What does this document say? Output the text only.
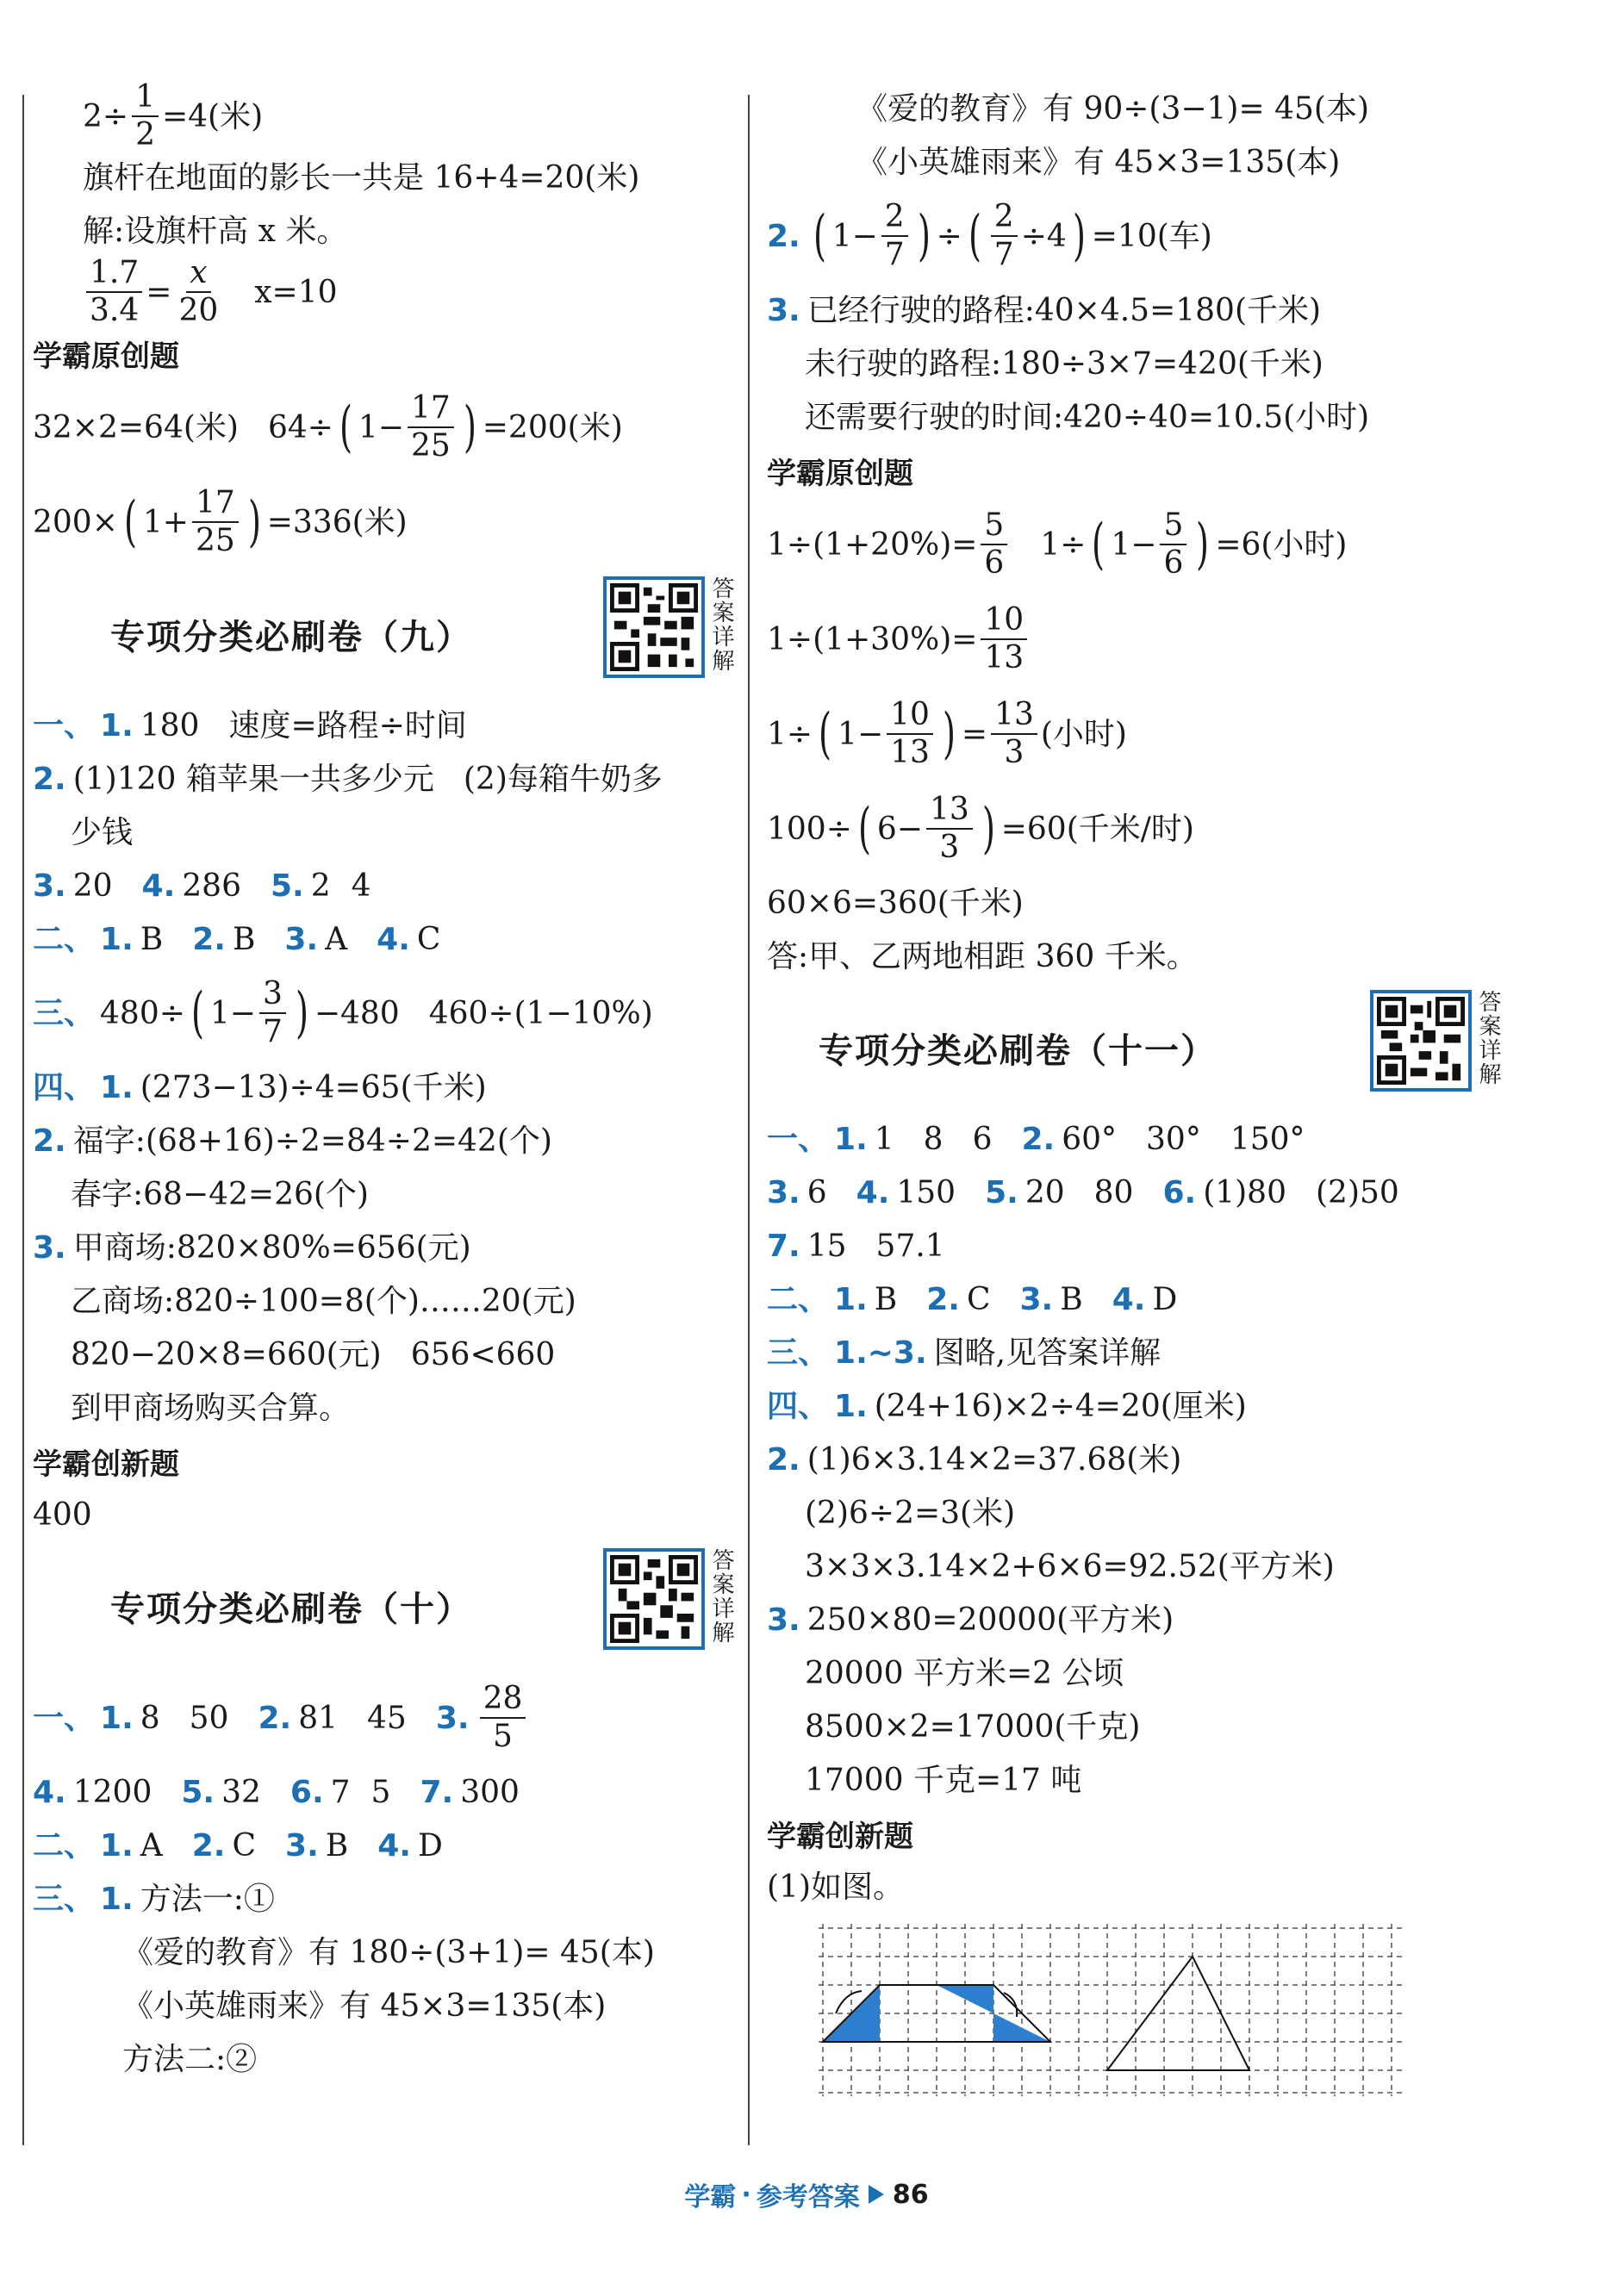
$2\div \frac{1}{2} =4$(米)
旗杆在地面的影长一共是 16+4=20(米)
解:设旗杆高 x 米。
$\frac{1.7}{3.4} = \frac{x}{20} x=10$
学霸原创题
32×2=64(米) 64÷ ( $1- \frac{17}{25}$ ) =200(米)
200× ( $1+ \frac{17}{25}$ ) =336(米)
专项分类必刷卷（九）	答案详解
一、 1. 180 速度=路程÷时间
2. (1)120 箱苹果一共多少元 (2)每箱牛奶多
少钱
3. 20 4. 286 5. 2 4
二、 1. B 2. B 3. A 4. C
三、 480÷ ( $1- \frac{3}{7}$ ) −480 460÷(1−10%)
四、 1. (273−13)÷4=65(千米)
2. 福字:(68+16)÷2=84÷2=42(个)
春字:68−42=26(个)
3. 甲商场:820×80%=656(元)
乙商场:820÷100=8(个)……20(元)
820−20×8=660(元) 656<660
到甲商场购买合算。
学霸创新题
400
专项分类必刷卷（十）	答案详解
一、 1. 8 50 2. 81 45 3. $\frac{28}{5}$
4. 1200 5. 32 6. 7 5 7. 300
二、 1. A 2. C 3. B 4. D
三、 1. 方法一:①
《爱的教育》有 180÷(3+1)= 45(本)
《小英雄雨来》有 45×3=135(本)
方法二:②
《爱的教育》有 90÷(3−1)= 45(本)
《小英雄雨来》有 45×3=135(本)
2. ( $1- \frac{2}{7}$ ) ÷ ( $\frac{2}{7} \div 4$ ) =10(车)
3. 已经行驶的路程:40×4.5=180(千米)
未行驶的路程:180÷3×7=420(千米)
还需要行驶的时间:420÷40=10.5(小时)
学霸原创题
$1\div(1+20\%)= \frac{5}{6} 1\div$ ( $1- \frac{5}{6}$ ) =6(小时)
$1\div(1+30\%)= \frac{10}{13}$
1÷ ( $1- \frac{10}{13}$ ) = $\frac{13}{3}$ (小时)
100÷ ( $6- \frac{13}{3}$ ) =60(千米/时)
60×6=360(千米)
答:甲、乙两地相距 360 千米。
专项分类必刷卷（十一）	答案详解
一、 1. 1 8 6 2. 60° 30° 150°
3. 6 4. 150 5. 20 80 6. (1)80 (2)50
7. 15 57.1
二、 1. B 2. C 3. B 4. D
三、 1.~3. 图略,见答案详解
四、 1. (24+16)×2÷4=20(厘米)
2. (1)6×3.14×2=37.68(米)
(2)6÷2=3(米)
3×3×3.14×2+6×6=92.52(平方米)
3. 250×80=20000(平方米)
20000 平方米=2 公顷
8500×2=17000(千克)
17000 千克=17 吨
学霸创新题
(1)如图。
学霸 · 参考答案 86
